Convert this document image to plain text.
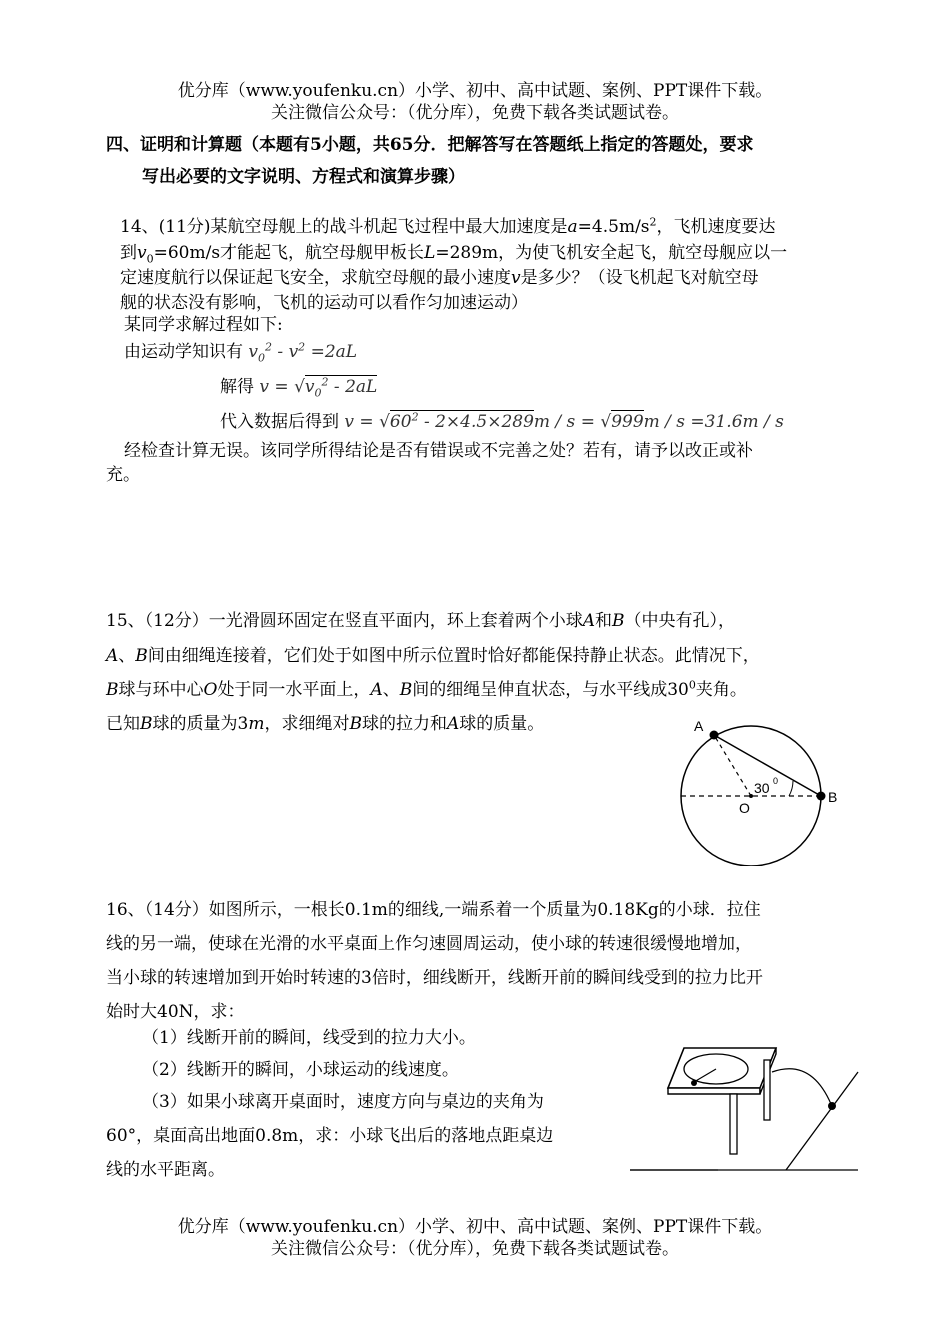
优分库（www.youfenku.cn）小学、初中、高中试题、案例、PPT课件下载。
关注微信公众号：（优分库），免费下载各类试题试卷。
四、证明和计算题（本题有5小题，共65分．把解答写在答题纸上指定的答题处，要求
写出必要的文字说明、方程式和演算步骤）
14、(11分)某航空母舰上的战斗机起飞过程中最大加速度是$a=4.5m/s^2$，飞机速度要达
到$v_0=60m/s$才能起飞，航空母舰甲板长L=289m，为使飞机安全起飞，航空母舰应以一
定速度航行以保证起飞安全，求航空母舰的最小速度v是多少？（设飞机起飞对航空母
舰的状态没有影响，飞机的运动可以看作匀加速运动）
某同学求解过程如下:
由运动学知识有 $v_0^2 - v^2 =2aL$
解得 $v = √v_0^2 - 2aL$
代入数据后得到 $v = √60^2 - 2\times 4.5\times 289m / s = √999m / s =31.6m / s$
经检查计算无误。该同学所得结论是否有错误或不完善之处？若有，请予以改正或补
充。
15、（12分）一光滑圆环固定在竖直平面内，环上套着两个小球A和B（中央有孔），
A、B间由细绳连接着，它们处于如图中所示位置时恰好都能保持静止状态。此情况下，
B球与环中心O处于同一水平面上，A、B间的细绳呈伸直状态，与水平线成$30^0$夹角。
已知B球的质量为3m，求细绳对B球的拉力和A球的质量。	A
B
O
30 0
16、（14分）如图所示，一根长0.1m的细线,一端系着一个质量为0.18Kg的小球．拉住
线的另一端，使球在光滑的水平桌面上作匀速圆周运动，使小球的转速很缓慢地增加，
当小球的转速增加到开始时转速的3倍时，细线断开，线断开前的瞬间线受到的拉力比开
始时大40N，求：
（1）线断开前的瞬间，线受到的拉力大小。
（2）线断开的瞬间，小球运动的线速度。
（3）如果小球离开桌面时，速度方向与桌边的夹角为
60°，桌面高出地面0.8m，求：小球飞出后的落地点距桌边
线的水平距离。
优分库（www.youfenku.cn）小学、初中、高中试题、案例、PPT课件下载。
关注微信公众号：（优分库），免费下载各类试题试卷。
